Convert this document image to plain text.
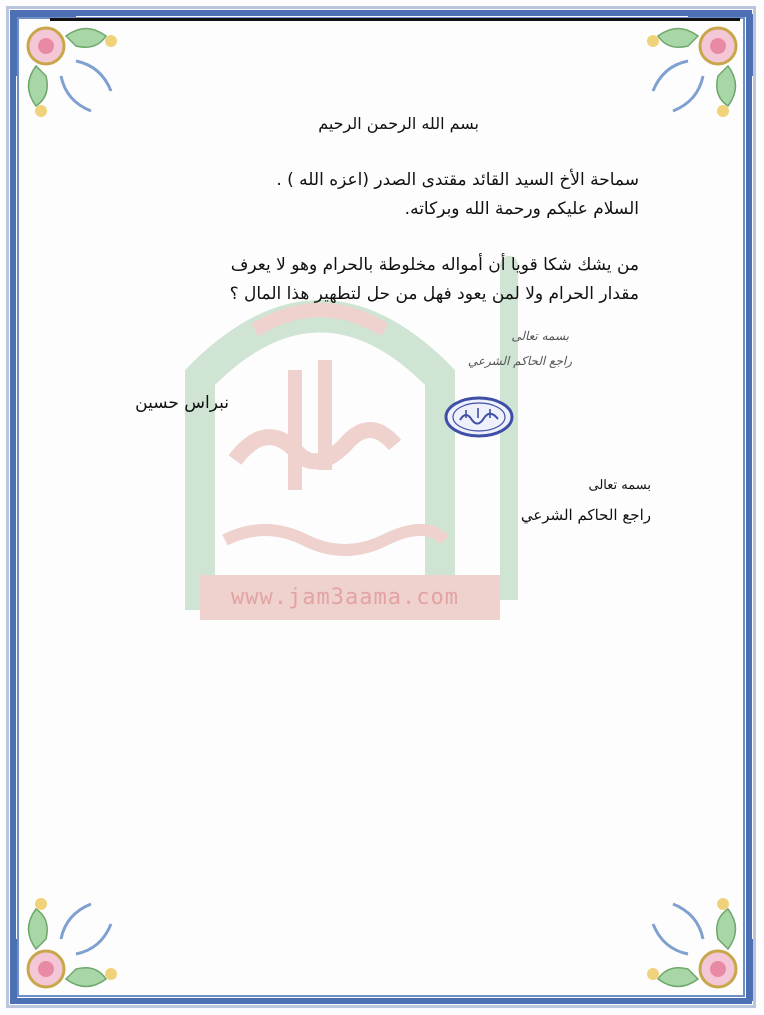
www.jam3aama.com
بسم الله الرحمن الرحيم
سماحة الأخ السيد القائد مقتدى الصدر (اعزه الله ) .
السلام عليكم ورحمة الله وبركاته.
من يشك شكا قويا أن أمواله مخلوطة بالحرام وهو لا يعرف
مقدار الحرام ولا لمن يعود فهل من حل لتطهير هذا المال ؟
بسمه تعالى
راجع الحاكم الشرعي
نبراس حسين
بسمه تعالى
راجع الحاكم الشرعي
